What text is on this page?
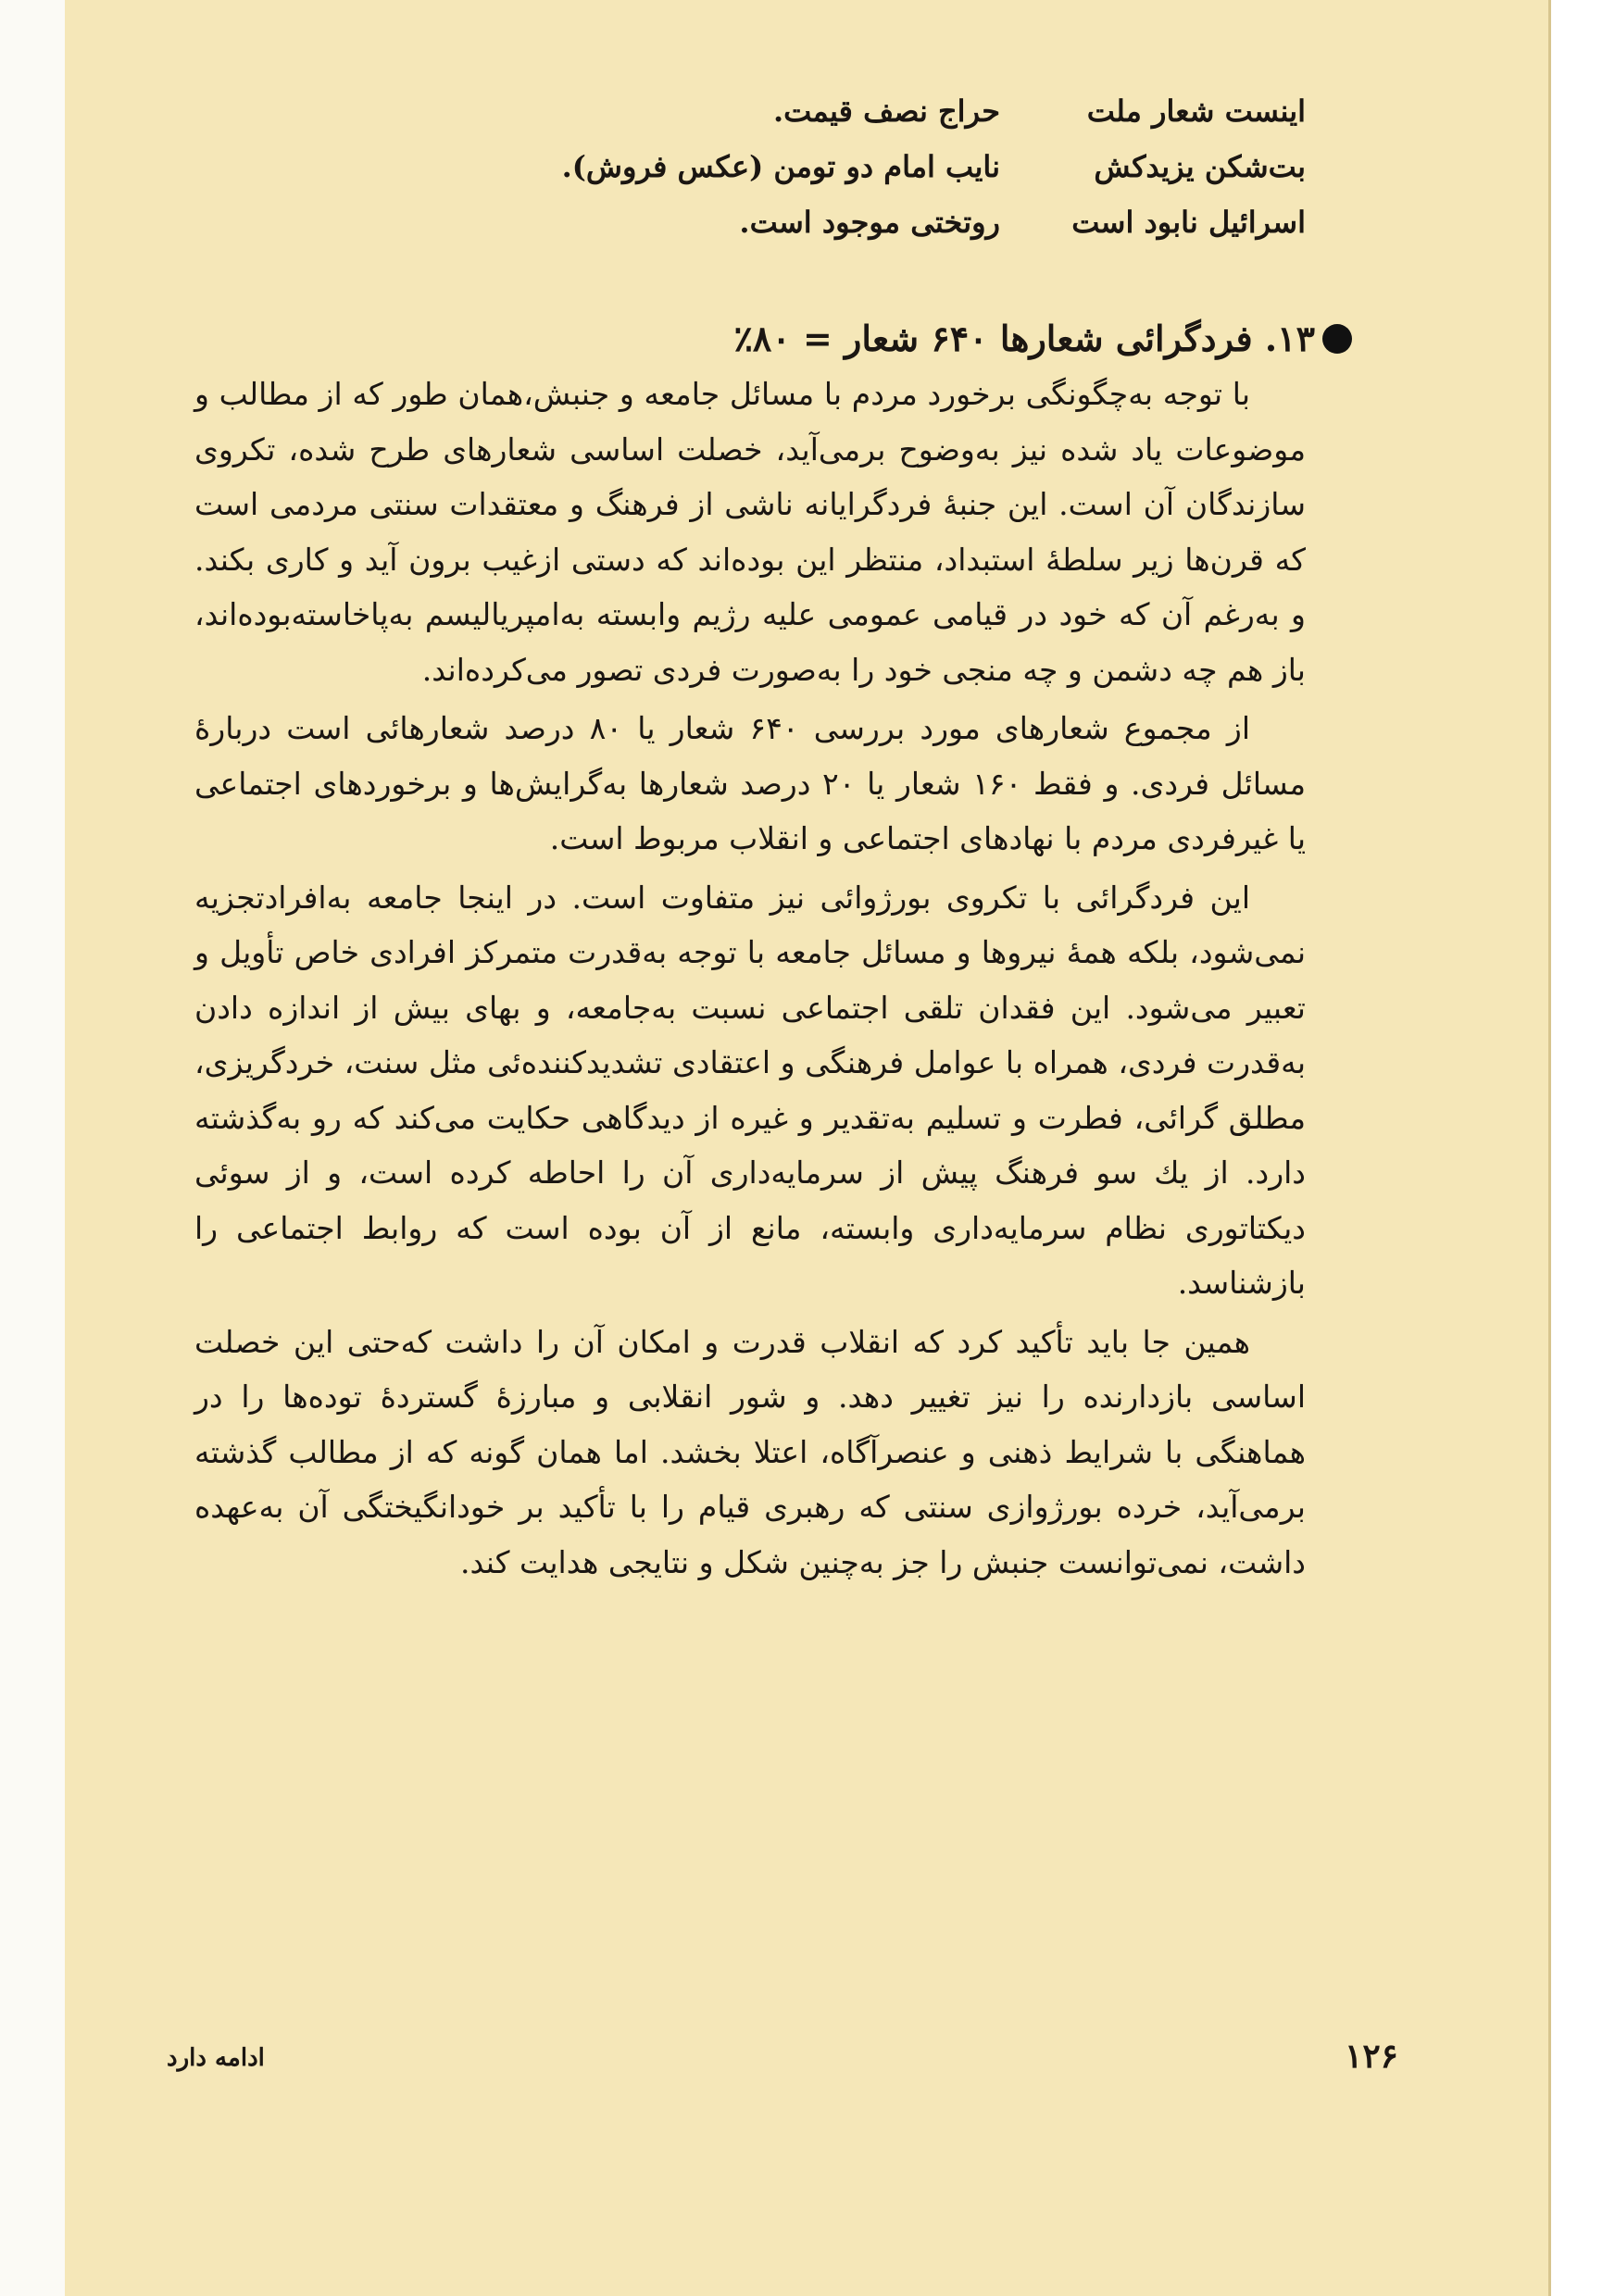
اینست شعار ملت
حراج نصف قیمت.
بت‌شکن یزیدکش
نایب امام دو تومن (عکس فروش).
اسرائیل نابود است
روتختی موجود است.
۱۳. فردگرائی شعارها ۶۴۰ شعار = ۸۰٪

با توجه به‌چگونگی برخورد مردم با مسائل جامعه و جنبش،همان طور که از مطالب و موضوعات یاد شده نیز به‌وضوح برمی‌آید، خصلت اساسی شعارهای طرح شده، تکروی سازندگان آن است. این جنبهٔ فردگرایانه ناشی از فرهنگ و معتقدات سنتی مردمی است که قرن‌ها زیر سلطهٔ استبداد، منتظر این بوده‌اند که دستی ازغیب برون آید و کاری بکند. و به‌رغم آن که خود در قیامی عمومی علیه رژیم وابسته به‌امپریالیسم به‌پاخاسته‌بوده‌اند، باز هم چه دشمن و چه منجی خود را به‌صورت فردی تصور می‌کرده‌اند.

از مجموع شعارهای مورد بررسی ۶۴۰ شعار یا ۸۰ درصد شعارهائی است دربارهٔ مسائل فردی. و فقط ۱۶۰ شعار یا ۲۰ درصد شعارها به‌گرایش‌ها و برخوردهای اجتماعی یا غیرفردی مردم با نهادهای اجتماعی و انقلاب مربوط است.

این فردگرائی با تکروی بورژوائی نیز متفاوت است. در اینجا جامعه به‌افرادتجزیه نمی‌شود، بلکه همهٔ نیروها و مسائل جامعه با توجه به‌قدرت متمرکز افرادی خاص تأویل و تعبیر می‌شود. این فقدان تلقی اجتماعی نسبت به‌جامعه، و بهای بیش از اندازه دادن به‌قدرت فردی، همراه با عوامل فرهنگی و اعتقادی تشدیدکننده‌ئی مثل سنت، خردگریزی، مطلق گرائی، فطرت و تسلیم به‌تقدیر و غیره از دیدگاهی حکایت می‌کند که رو به‌گذشته دارد. از یك سو فرهنگ پیش از سرمایه‌داری آن را احاطه کرده است، و از سوئی دیکتاتوری نظام سرمایه‌داری وابسته، مانع از آن بوده است که روابط اجتماعی را بازشناسد.

همین جا باید تأکید کرد که انقلاب قدرت و امکان آن را داشت که‌حتی این خصلت اساسی بازدارنده را نیز تغییر دهد. و شور انقلابی و مبارزهٔ گستردهٔ توده‌ها را در هماهنگی با شرایط ذهنی و عنصرآگاه، اعتلا بخشد. اما همان گونه که از مطالب گذشته برمی‌آید، خرده بورژوازی سنتی که رهبری قیام را با تأکید بر خودانگیختگی آن به‌عهده داشت، نمی‌توانست جنبش را جز به‌چنین شکل و نتایجی هدایت کند.

۱۲۶
ادامه دارد
